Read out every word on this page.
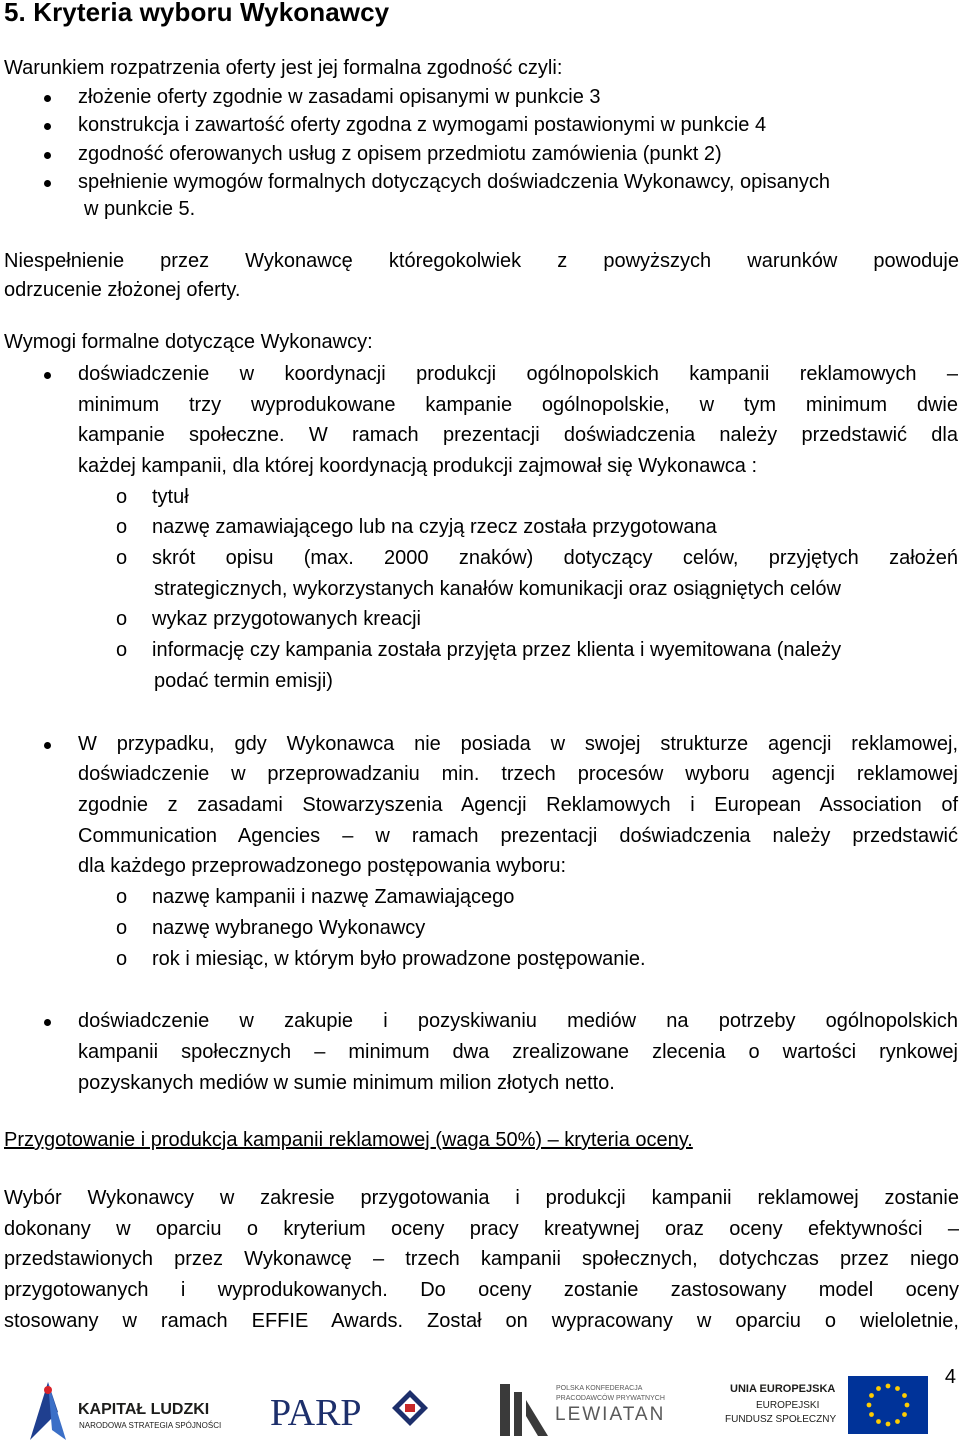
5. Kryteria wyboru Wykonawcy

Warunkiem rozpatrzenia oferty jest jej formalna zgodność czyli:

złożenie oferty zgodnie w zasadami opisanymi w punkcie 3
konstrukcja i zawartość oferty zgodna z wymogami postawionymi w punkcie 4
zgodność oferowanych usług z opisem przedmiotu zamówienia (punkt 2)
spełnienie wymogów formalnych dotyczących doświadczenia Wykonawcy, opisanych
w punkcie 5.

Niespełnienie przez Wykonawcę któregokolwiek z powyższych warunków powoduje

odrzucenie złożonej oferty.

Wymogi formalne dotyczące Wykonawcy:

doświadczenie w koordynacji produkcji ogólnopolskich kampanii reklamowych –
minimum trzy wyprodukowane kampanie ogólnopolskie, w tym minimum dwie
kampanie społeczne. W ramach prezentacji doświadczenia należy przedstawić dla
każdej kampanii, dla której koordynacją produkcji zajmował się Wykonawca :
o tytuł
o nazwę zamawiającego lub na czyją rzecz została przygotowana
o skrót opisu (max. 2000 znaków) dotyczący celów, przyjętych założeń
strategicznych, wykorzystanych kanałów komunikacji oraz osiągniętych celów
o wykaz przygotowanych kreacji
o informację czy kampania została przyjęta przez klienta i wyemitowana (należy
podać termin emisji)
W przypadku, gdy Wykonawca nie posiada w swojej strukturze agencji reklamowej,
doświadczenie w przeprowadzaniu min. trzech procesów wyboru agencji reklamowej
zgodnie z zasadami Stowarzyszenia Agencji Reklamowych i European Association of
Communication Agencies – w ramach prezentacji doświadczenia należy przedstawić
dla każdego przeprowadzonego postępowania wyboru:
o nazwę kampanii i nazwę Zamawiającego
o nazwę wybranego Wykonawcy
o rok i miesiąc, w którym było prowadzone postępowanie.
doświadczenie w zakupie i pozyskiwaniu mediów na potrzeby ogólnopolskich
kampanii społecznych – minimum dwa zrealizowane zlecenia o wartości rynkowej
pozyskanych mediów w sumie minimum milion złotych netto.

Przygotowanie i produkcja kampanii reklamowej (waga 50%) – kryteria oceny.

Wybór Wykonawcy w zakresie przygotowania i produkcji kampanii reklamowej zostanie

dokonany w oparciu o kryterium oceny pracy kreatywnej oraz oceny efektywności –

przedstawionych przez Wykonawcę – trzech kampanii społecznych, dotychczas przez niego

przygotowanych i wyprodukowanych. Do oceny zostanie zastosowany model oceny

stosowany w ramach EFFIE Awards. Został on wypracowany w oparciu o wieloletnie,

4
KAPITAŁ LUDZKI
NARODOWA STRATEGIA SPÓJNOŚCI PARP
POLSKA KONFEDERACJA
PRACODAWCÓW PRYWATNYCH
LEWIATAN
UNIA EUROPEJSKA
EUROPEJSKI
FUNDUSZ SPOŁECZNY
